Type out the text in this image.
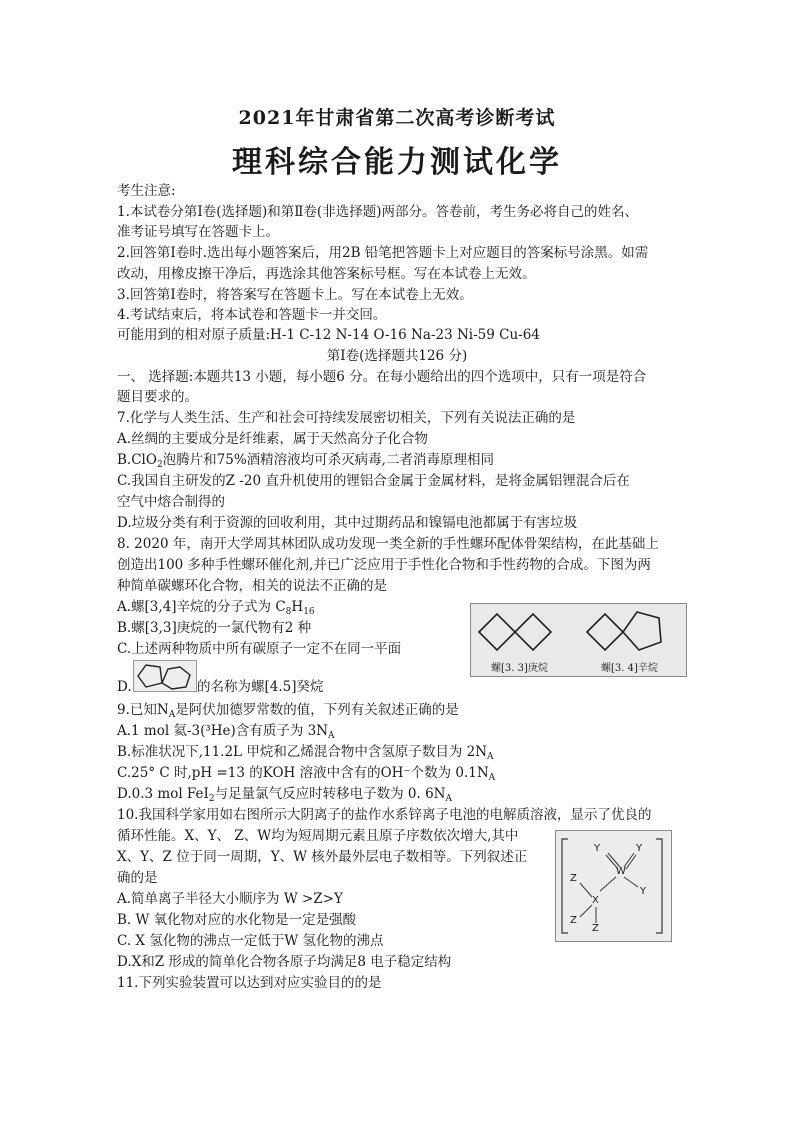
2021年甘肃省第二次高考诊断考试
理科综合能力测试化学
考生注意:
1.本试卷分第Ⅰ卷(选择题)和第Ⅱ卷(非选择题)两部分。答卷前，考生务必将自己的姓名、
准考证号填写在答题卡上。
2.回答第Ⅰ卷时.选出每小题答案后，用2B 铅笔把答题卡上对应题目的答案标号涂黑。如需
改动，用橡皮擦干净后，再选涂其他答案标号框。写在本试卷上无效。
3.回答第Ⅰ卷时，将答案写在答题卡上。写在本试卷上无效。
4.考试结束后，将本试卷和答题卡一并交回。
可能用到的相对原子质量:H-1 C-12 N-14 O-16 Na-23 Ni-59 Cu-64
第Ⅰ卷(选择题共126 分)
一、 选择题:本题共13 小题，每小题6 分。在每小题给出的四个选项中，只有一项是符合
题目要求的。
7.化学与人类生活、生产和社会可持续发展密切相关，下列有关说法正确的是
A.丝绸的主要成分是纤维素，属于天然高分子化合物
B.ClO$_2$泡腾片和75%酒精溶液均可杀灭病毒,二者消毒原理相同
C.我国自主研发的Z -20 直升机使用的锂铝合金属于金属材料，是将金属铝锂混合后在
空气中熔合制得的
D.垃圾分类有利于资源的回收利用，其中过期药品和镍镉电池都属于有害垃圾
8. 2020 年，南开大学周其林团队成功发现一类全新的手性螺环配体骨架结构，在此基础上
创造出100 多种手性螺环催化剂,并已广泛应用于手性化合物和手性药物的合成。下图为两
种简单碳螺环化合物，相关的说法不正确的是
A.螺[3,4]辛烷的分子式为 $C_8H_{16}$
B.螺[3,3]庚烷的一氯代物有2 种
C.上述两种物质中所有碳原子一定不在同一平面
螺[3. 3]庚烷	螺[3. 4]辛烷
D.	的名称为螺[4.5]癸烷
9.已知$N_A$是阿伏加德罗常数的值，下列有关叙述正确的是
A.1 mol 氦-3(³He)含有质子为 $3N_A$
B.标准状况下,11.2L 甲烷和乙烯混合物中含氢原子数目为 $2N_A$
C.25° C 时,pH =13 的KOH 溶液中含有的OH⁻个数为 $0.1N_A$
D.0.3 mol FeI$_2$与足量氯气反应时转移电子数为 0. $6N_A$
10.我国科学家用如右图所示大阴离子的盐作水系锌离子电池的电解质溶液，显示了优良的
循环性能。X、Y、 Z、W均为短周期元素且原子序数依次增大,其中
X、Y、Z 位于同一周期，Y、W 核外最外层电子数相等。下列叙述正
确的是
A.简单离子半径大小顺序为 W >Z>Y
B. W 氧化物对应的水化物是一定是强酸
C. X 氢化物的沸点一定低于W 氢化物的沸点
D.X和Z 形成的简单化合物各原子均满足8 电子稳定结构
Y	Y
W
Y
Z
X
Z
Z
11.下列实验装置可以达到对应实验目的的是
